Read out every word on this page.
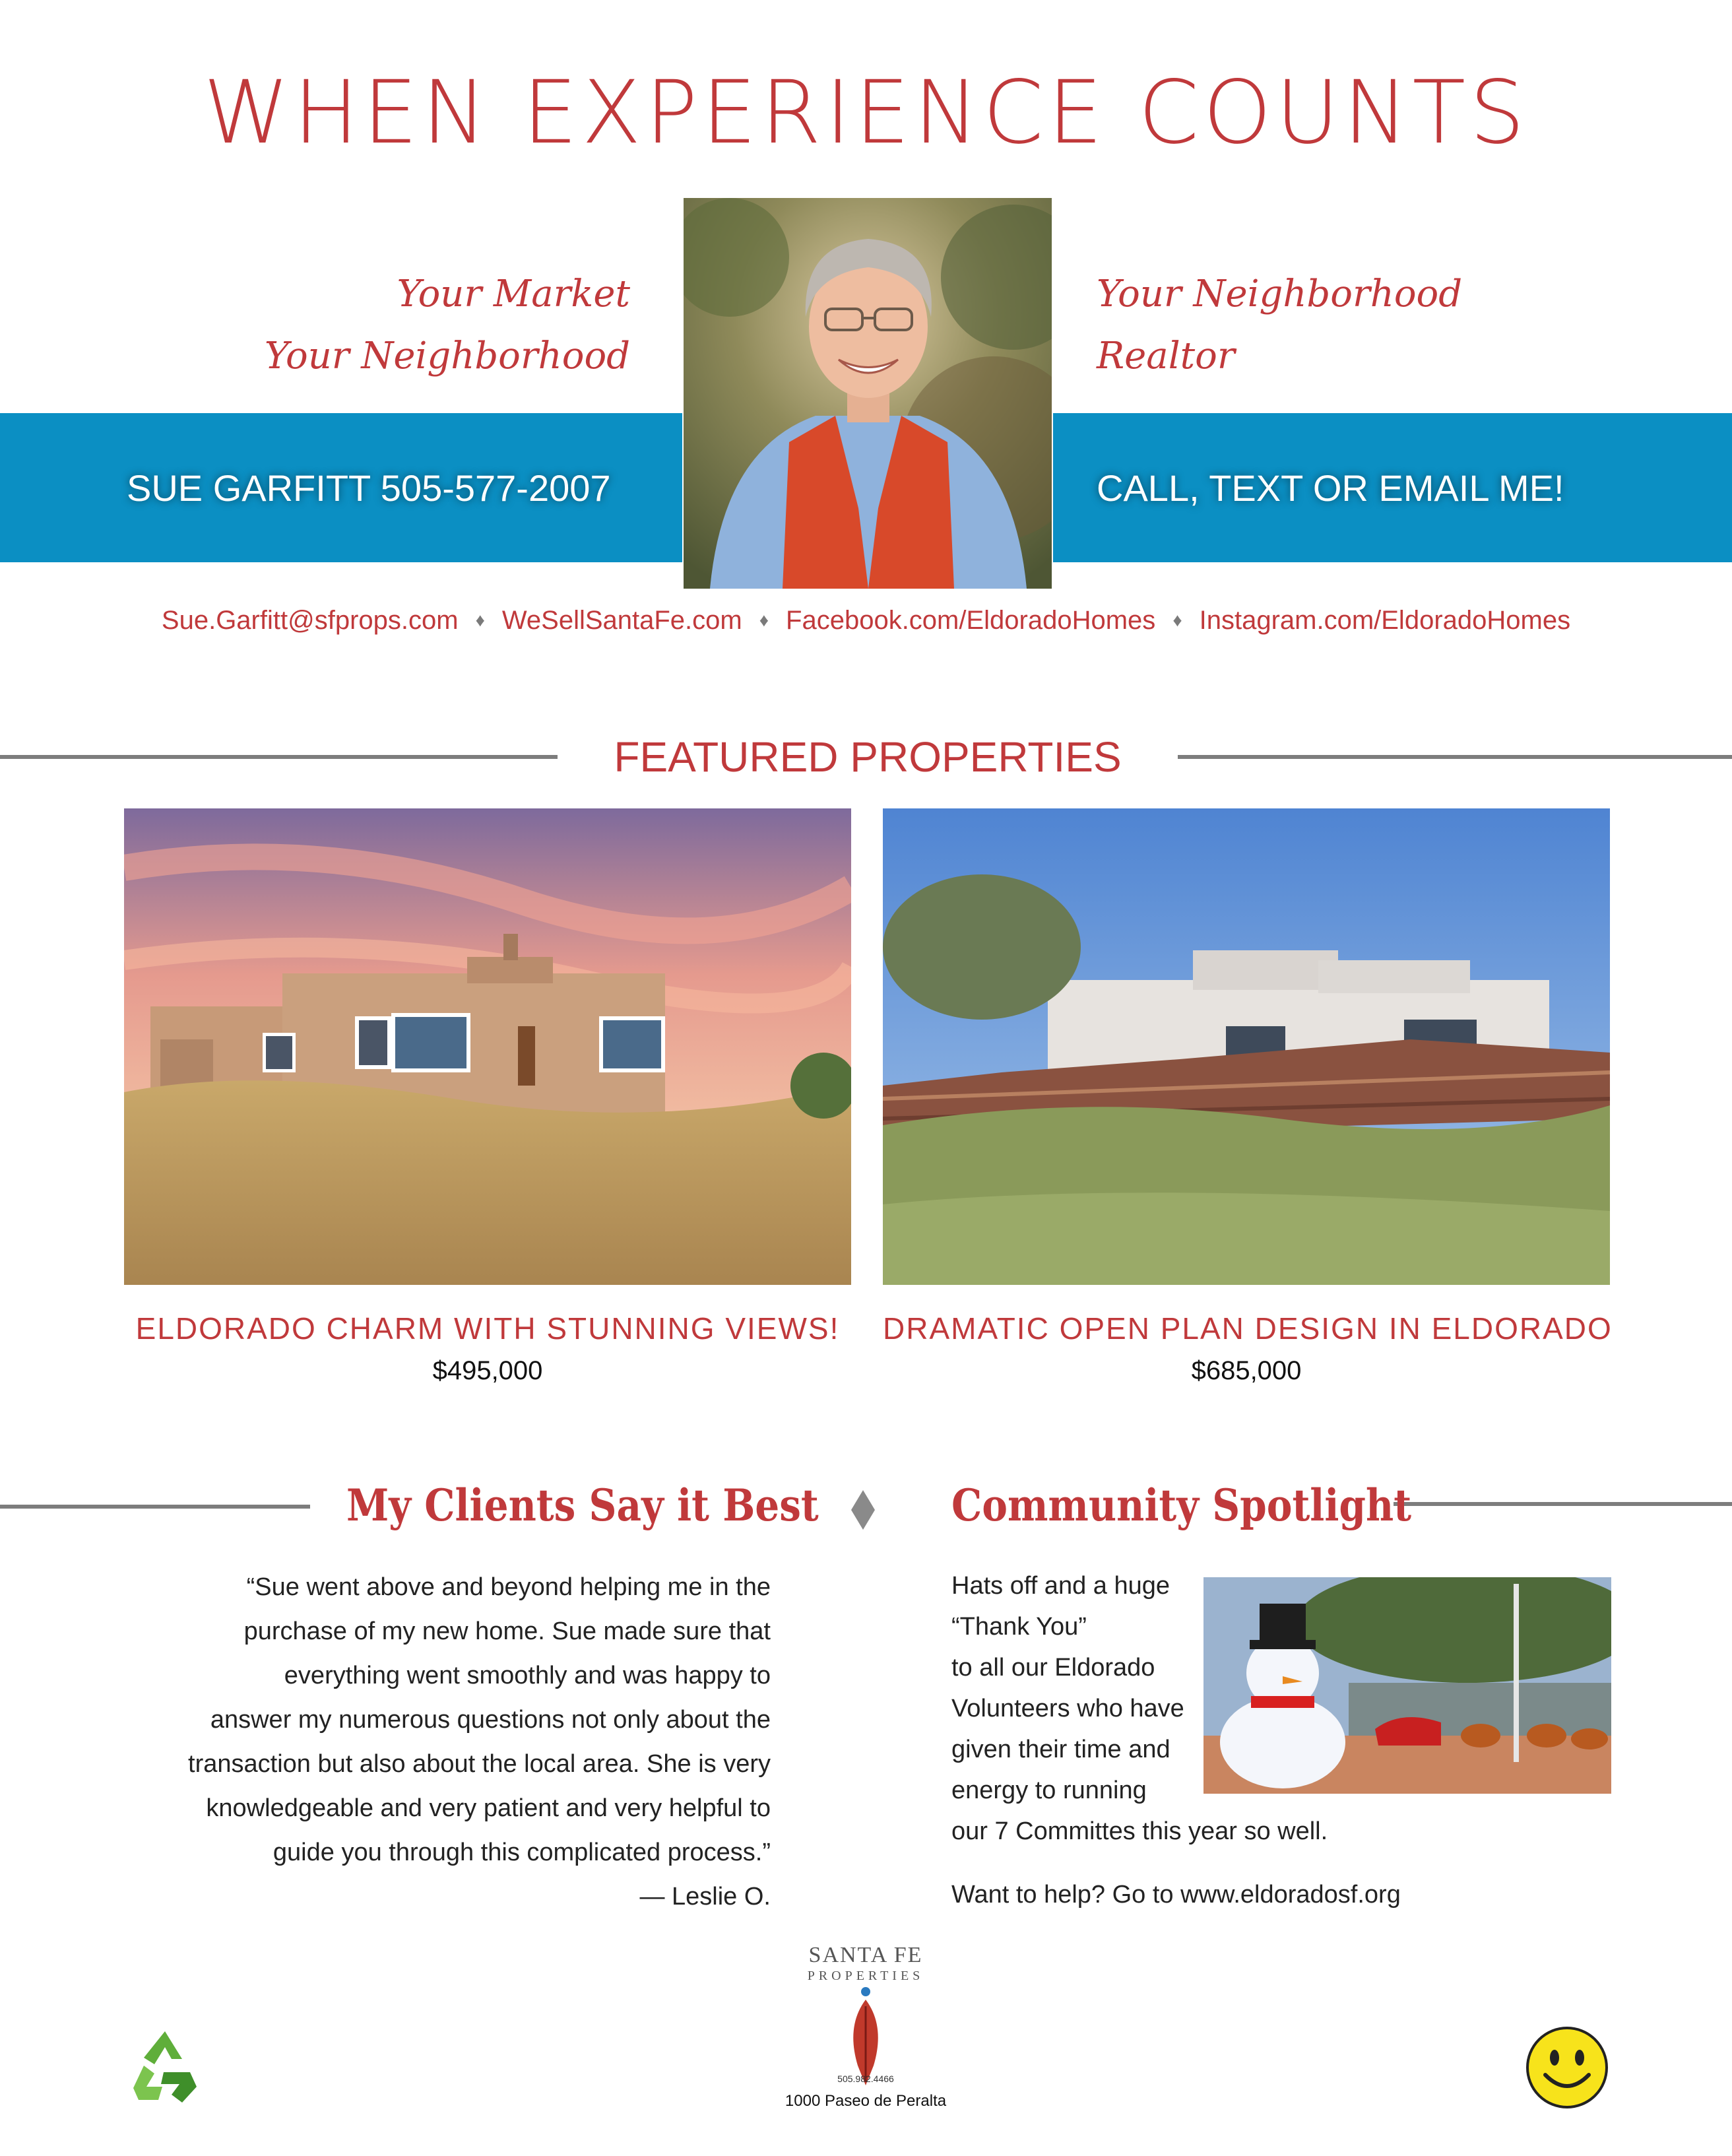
WHEN EXPERIENCE COUNTS
Your Market
Your Neighborhood
Your Neighborhood
Realtor
SUE GARFITT 505-577-2007	CALL, TEXT OR EMAIL ME!
Sue.Garfitt@sfprops.com ♦ WeSellSantaFe.com ♦ Facebook.com/EldoradoHomes ♦ Instagram.com/EldoradoHomes
FEATURED PROPERTIES
ELDORADO CHARM WITH STUNNING VIEWS!
$495,000
DRAMATIC OPEN PLAN DESIGN IN ELDORADO
$685,000
My Clients Say it Best	Community Spotlight
“Sue went above and beyond helping me in the
purchase of my new home. Sue made sure that
everything went smoothly and was happy to
answer my numerous questions not only about the
transaction but also about the local area. She is very
knowledgeable and very patient and very helpful to
guide you through this complicated process.”
— Leslie O.
Hats off and a huge
“Thank You”
to all our Eldorado
Volunteers who have
given their time and
energy to running
our 7 Committes this year so well.
Want to help? Go to www.eldoradosf.org
SANTA FE
PROPERTIES
505.982.4466
1000 Paseo de Peralta
